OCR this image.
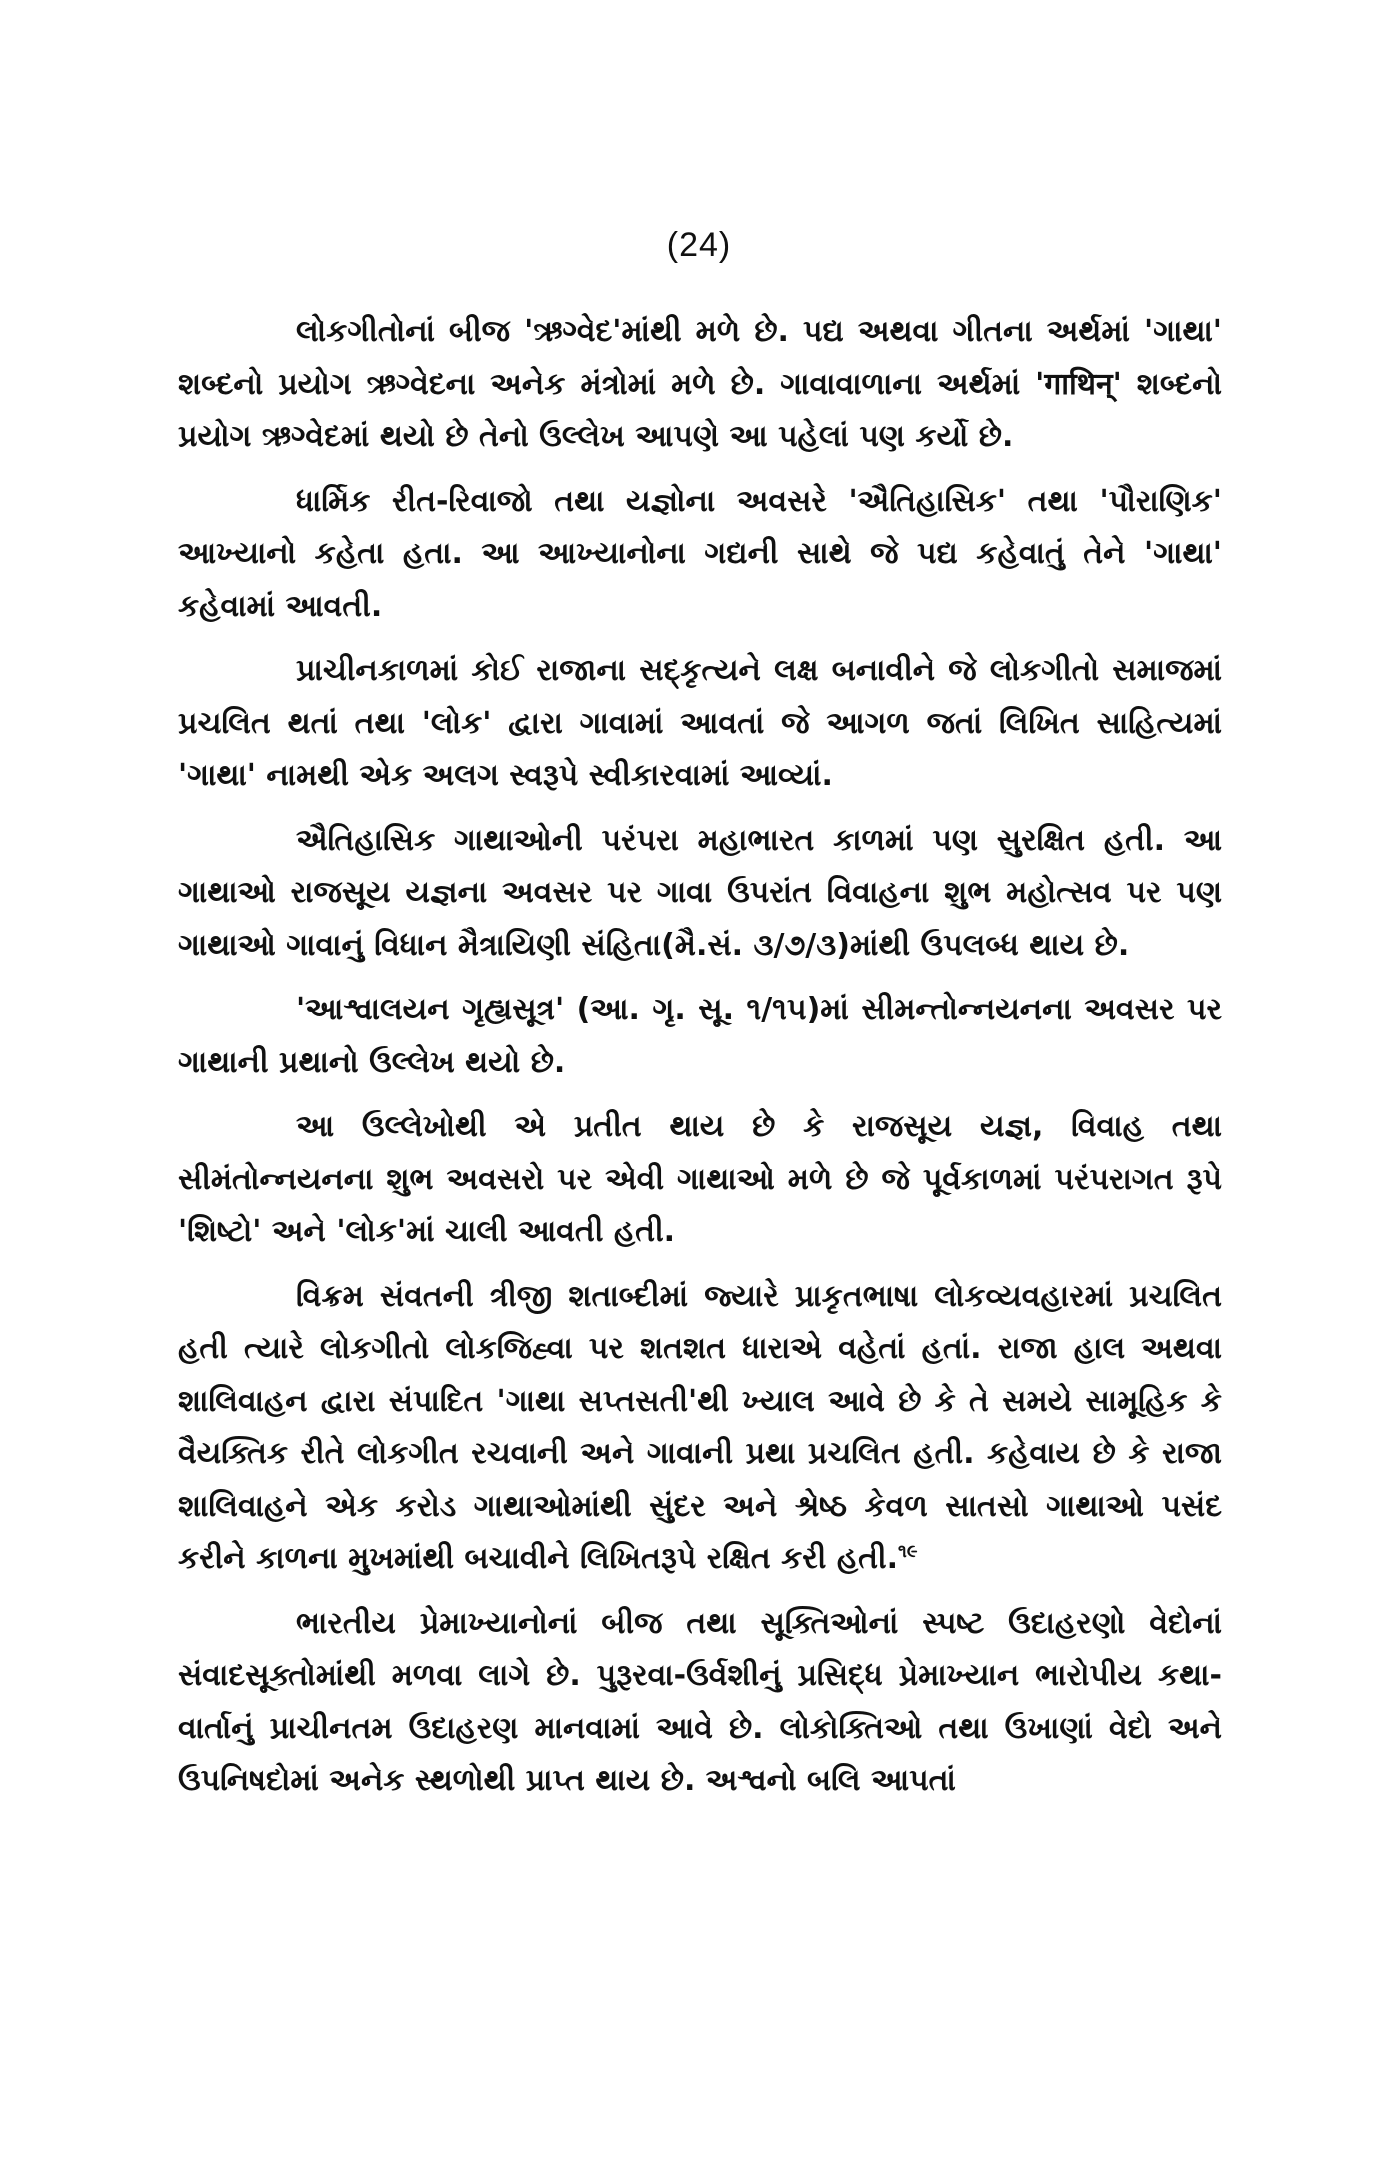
(24)

લોકગીતોનાં બીજ 'ઋગ્વેદ'માંથી મળે છે. પદ્ય અથવા ગીતના અર્થમાં 'ગાથા' શબ્દનો પ્રયોગ ઋગ્વેદના અનેક મંત્રોમાં મળે છે. ગાવાવાળાના અર્થમાં 'गाथिन्' શબ્દનો પ્રયોગ ઋગ્વેદમાં થયો છે તેનો ઉલ્લેખ આપણે આ પહેલાં પણ કર્યો છે.

ધાર્મિક રીત-રિવાજો તથા યજ્ઞોના અવસરે 'ઐતિહાસિક' તથા 'પૌરાણિક' આખ્યાનો કહેતા હતા. આ આખ્યાનોના ગદ્યની સાથે જે પદ્ય કહેવાતું તેને 'ગાથા' કહેવામાં આવતી.

પ્રાચીનકાળમાં કોઈ રાજાના સદ્કૃત્યને લક્ષ બનાવીને જે લોકગીતો સમાજમાં પ્રચલિત થતાં તથા 'લોક' દ્વારા ગાવામાં આવતાં જે આગળ જતાં લિખિત સાહિત્યમાં 'ગાથા' નામથી એક અલગ સ્વરૂપે સ્વીકારવામાં આવ્યાં.

ઐતિહાસિક ગાથાઓની પરંપરા મહાભારત કાળમાં પણ સુરક્ષિત હતી. આ ગાથાઓ રાજસૂય યજ્ઞના અવસર પર ગાવા ઉપરાંત વિવાહના શુભ મહોત્સવ પર પણ ગાથાઓ ગાવાનું વિધાન મૈત્રાયિણી સંહિતા(મૈ.સં. ૩/૭/૩)માંથી ઉપલબ્ધ થાય છે.

'આશ્વાલયન ગૃહ્યસૂત્ર' (આ. ગૃ. સૂ. ૧/૧૫)માં સીમન્તોન્નયનના અવસર પર ગાથાની પ્રથાનો ઉલ્લેખ થયો છે.

આ ઉલ્લેખોથી એ પ્રતીત થાય છે કે રાજસૂય યજ્ઞ, વિવાહ તથા સીમંતોન્નયનના શુભ અવસરો પર એવી ગાથાઓ મળે છે જે પૂર્વકાળમાં પરંપરાગત રૂપે 'શિષ્ટો' અને 'લોક'માં ચાલી આવતી હતી.

વિક્રમ સંવતની ત્રીજી શતાબ્દીમાં જ્યારે પ્રાકૃતભાષા લોકવ્યવહારમાં પ્રચલિત હતી ત્યારે લોકગીતો લોકજિહ્વા પર શતશત ધારાએ વહેતાં હતાં. રાજા હાલ અથવા શાલિવાહન દ્વારા સંપાદિત 'ગાથા સપ્તસતી'થી ખ્યાલ આવે છે કે તે સમયે સામૂહિક કે વૈયક્તિક રીતે લોકગીત રચવાની અને ગાવાની પ્રથા પ્રચલિત હતી. કહેવાય છે કે રાજા શાલિવાહને એક કરોડ ગાથાઓમાંથી સુંદર અને શ્રેષ્ઠ કેવળ સાતસો ગાથાઓ પસંદ કરીને કાળના મુખમાંથી બચાવીને લિખિતરૂપે રક્ષિત કરી હતી.$^{૧૯}$

ભારતીય પ્રેમાખ્યાનોનાં બીજ તથા સૂક્તિઓનાં સ્પષ્ટ ઉદાહરણો વેદોનાં સંવાદસૂક્તોમાંથી મળવા લાગે છે. પુરૂરવા-ઉર્વશીનું પ્રસિદ્ધ પ્રેમાખ્યાન ભારોપીય કથા-વાર્તાનું પ્રાચીનતમ ઉદાહરણ માનવામાં આવે છે. લોકોક્તિઓ તથા ઉખાણાં વેદો અને ઉપનિષદોમાં અનેક સ્થળોથી પ્રાપ્ત થાય છે. અશ્વનો બલિ આપતાં
